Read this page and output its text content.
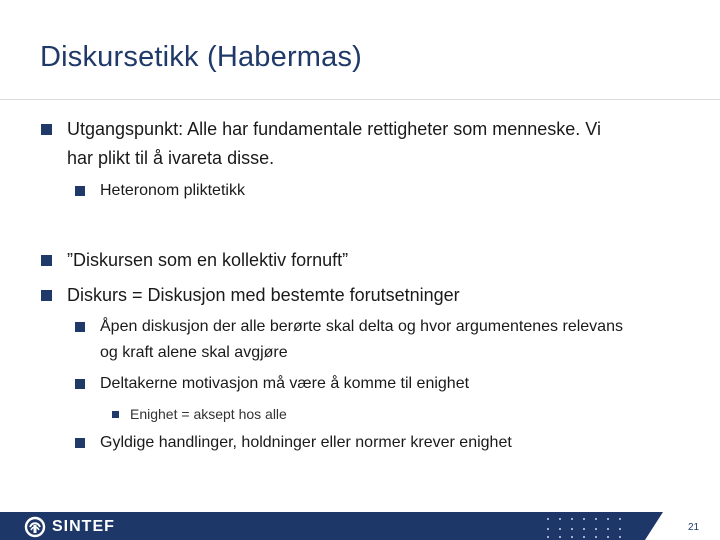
Diskursetikk (Habermas)
Utgangspunkt: Alle har fundamentale rettigheter som menneske. Vi
har plikt til å ivareta disse.
Heteronom pliktetikk
”Diskursen som en kollektiv fornuft”
Diskurs = Diskusjon med bestemte forutsetninger
Åpen diskusjon der alle berørte skal delta og hvor argumentenes relevans
og kraft alene skal avgjøre
Deltakerne motivasjon må være å komme til enighet
Enighet = aksept hos alle
Gyldige handlinger, holdninger eller normer krever enighet
SINTEF	21
